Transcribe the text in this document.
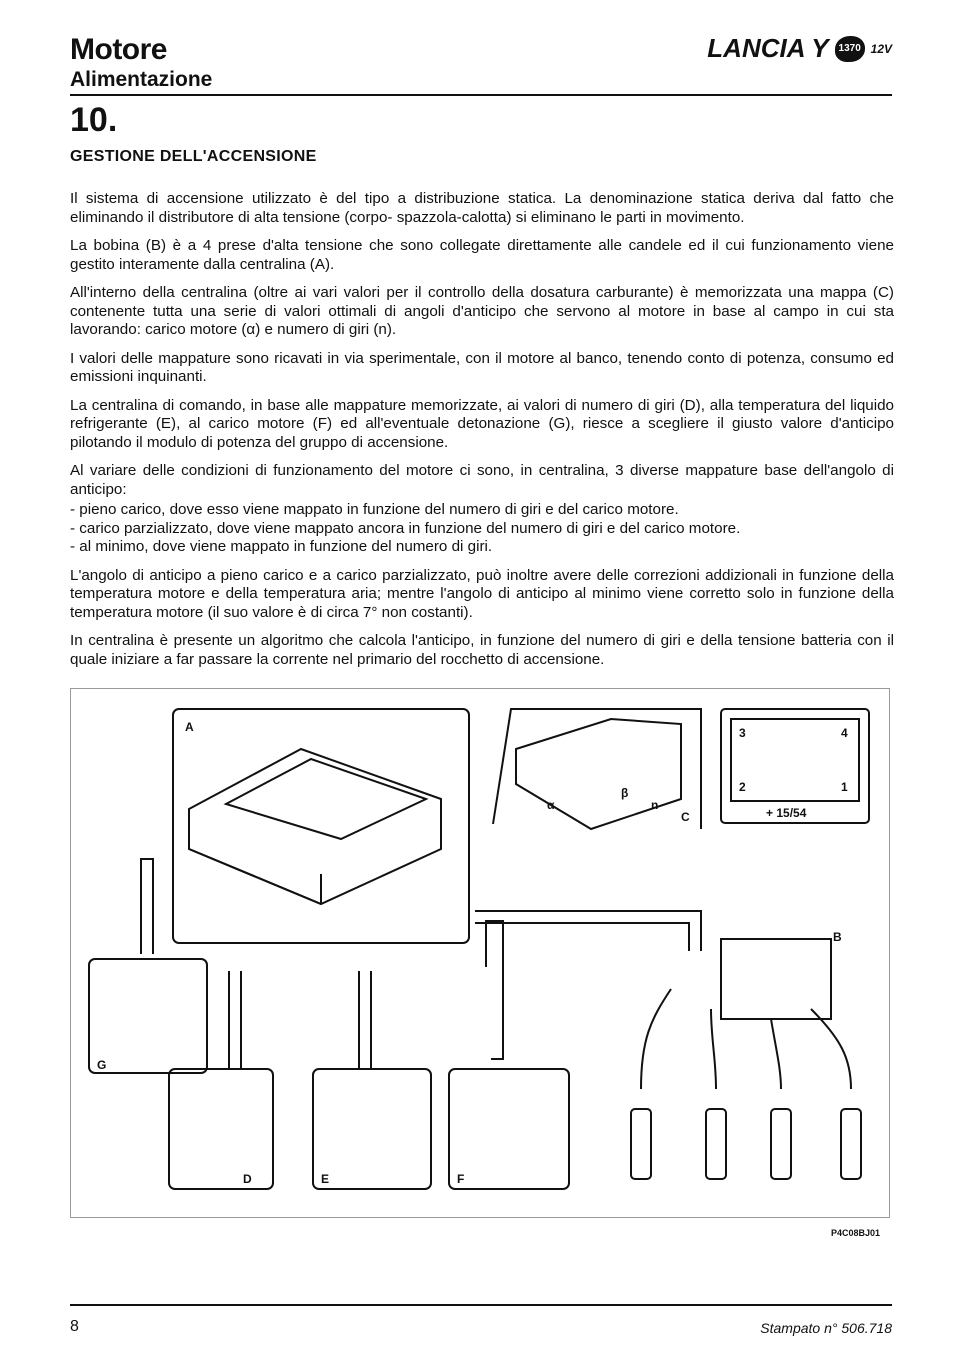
Motore
Alimentazione
LANCIA Y 1370 12V
10.
GESTIONE DELL'ACCENSIONE

Il sistema di accensione utilizzato è del tipo a distribuzione statica. La denominazione statica deriva dal fatto che eliminando il distributore di alta tensione (corpo- spazzola-calotta) si eliminano le parti in movimento.

La bobina (B) è a 4 prese d'alta tensione che sono collegate direttamente alle candele ed il cui funzionamento viene gestito interamente dalla centralina (A).

All'interno della centralina (oltre ai vari valori per il controllo della dosatura carburante) è memorizzata una mappa (C) contenente tutta una serie di valori ottimali di angoli d'anticipo che servono al motore in base al campo in cui sta lavorando: carico motore (α) e numero di giri (n).

I valori delle mappature sono ricavati in via sperimentale, con il motore al banco, tenendo conto di potenza, consumo ed emissioni inquinanti.

La centralina di comando, in base alle mappature memorizzate, ai valori di numero di giri (D), alla temperatura del liquido refrigerante (E), al carico motore (F) ed all'eventuale detonazione (G), riesce a scegliere il giusto valore d'anticipo pilotando il modulo di potenza del gruppo di accensione.

Al variare delle condizioni di funzionamento del motore ci sono, in centralina, 3 diverse mappature base dell'angolo di anticipo:

- pieno carico, dove esso viene mappato in funzione del numero di giri e del carico motore.
- carico parzializzato, dove viene mappato ancora in funzione del numero di giri e del carico motore.
- al minimo, dove viene mappato in funzione del numero di giri.

L'angolo di anticipo a pieno carico e a carico parzializzato, può inoltre avere delle correzioni addizionali in funzione della temperatura motore e della temperatura aria; mentre l'angolo di anticipo al minimo viene corretto solo in funzione della temperatura motore (il suo valore è di circa 7° non costanti).

In centralina è presente un algoritmo che calcola l'anticipo, in funzione del numero di giri e della tensione batteria con il quale iniziare a far passare la corrente nel primario del rocchetto di accensione.

A
B
C
D	E	F
G
α
β
n
3	4
2	1
+ 15/54
P4C08BJ01
8	Stampato n° 506.718
